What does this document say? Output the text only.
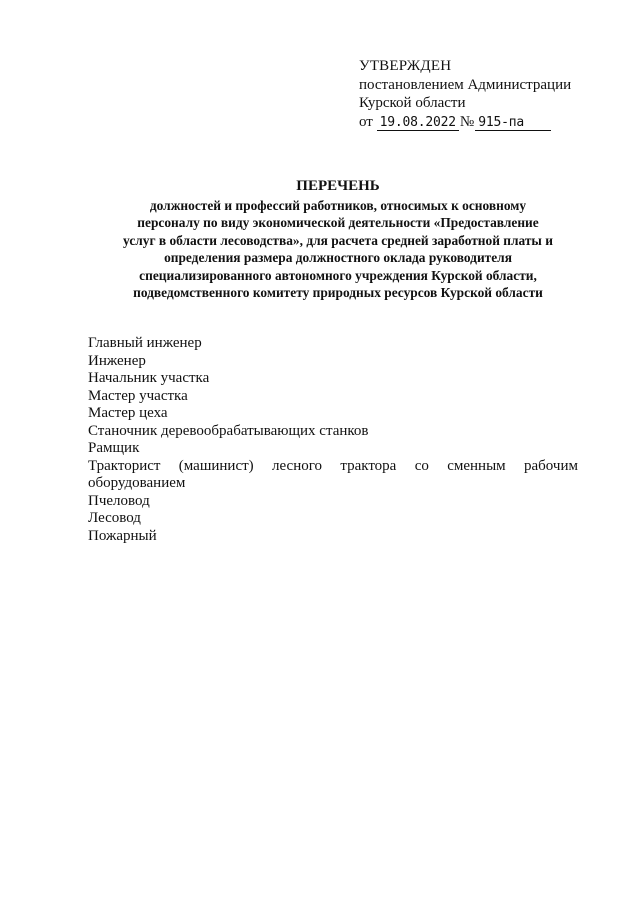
УТВЕРЖДЕН
постановлением Администрации
Курской области
от
19.08.2022 № 915-па
ПЕРЕЧЕНЬ
должностей и профессий работников, относимых к основному
персоналу по виду экономической деятельности «Предоставление
услуг в области лесоводства», для расчета средней заработной платы и
определения размера должностного оклада руководителя
специализированного автономного учреждения Курской области,
подведомственного комитету природных ресурсов Курской области
Главный инженер
Инженер
Начальник участка
Мастер участка
Мастер цеха
Станочник деревообрабатывающих станков
Рамщик
Тракторист (машинист) лесного трактора со сменным рабочим
оборудованием
Пчеловод
Лесовод
Пожарный
